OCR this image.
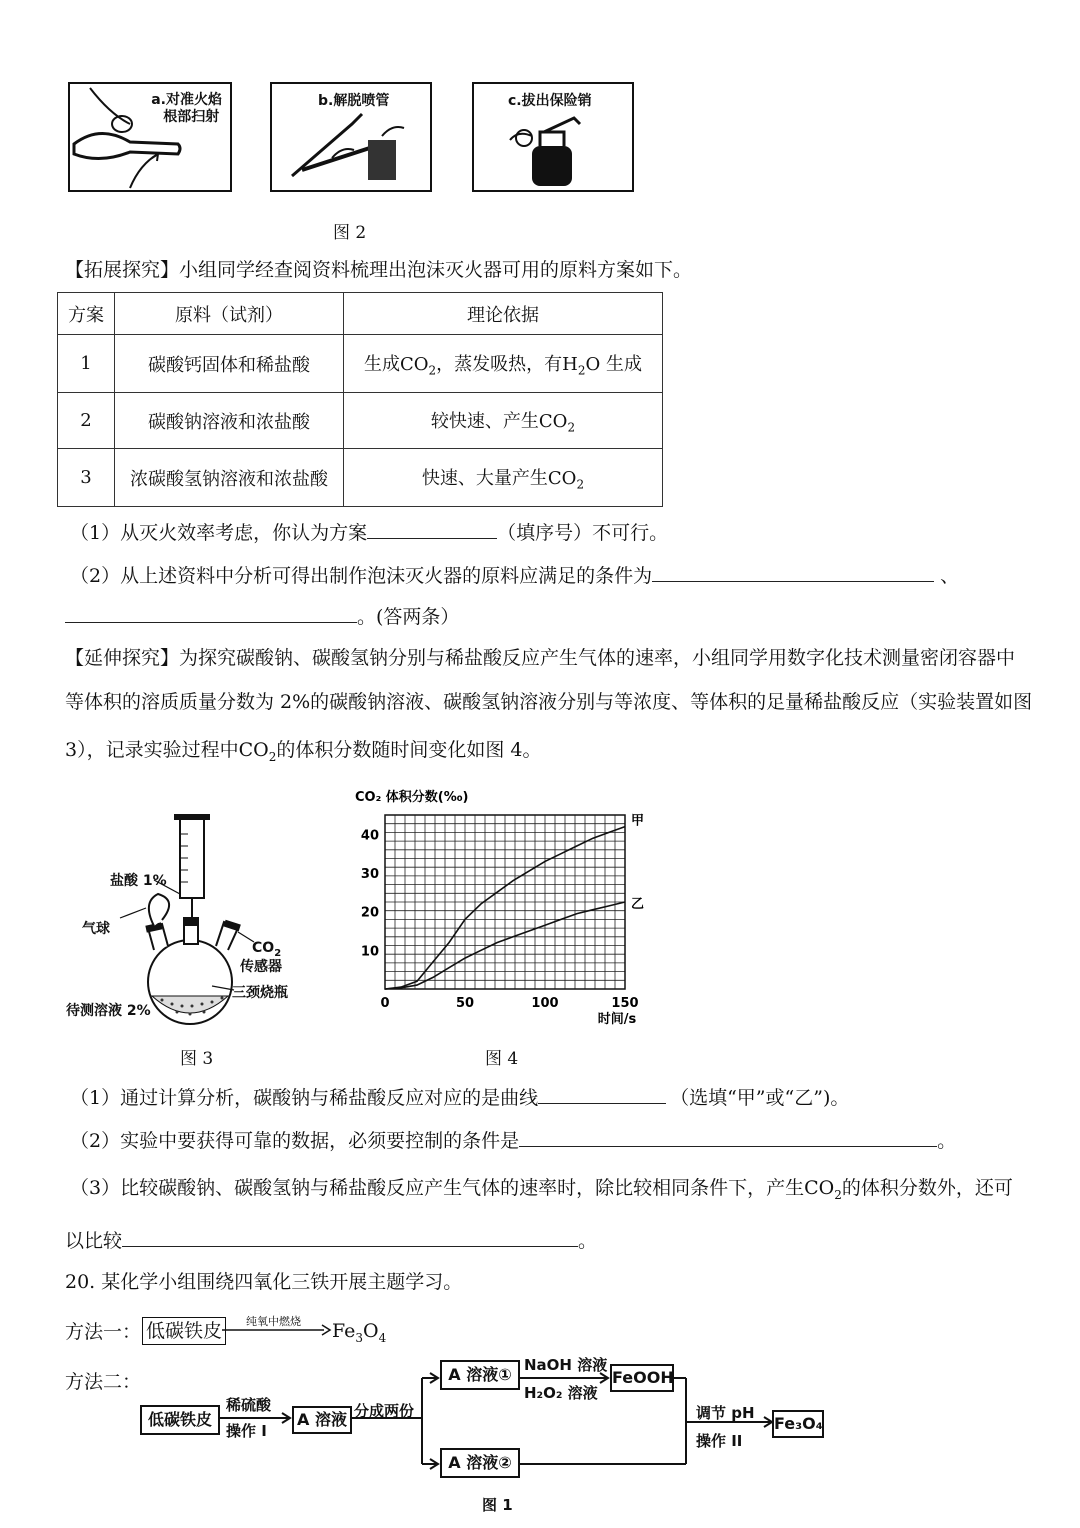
a.对准火焰
根部扫射
b.解脱喷管	c.拔出保险销
图 2
【拓展探究】小组同学经查阅资料梳理出泡沫灭火器可用的原料方案如下。
方案	原料（试剂）	理论依据
1	碳酸钙固体和稀盐酸	生成$CO_2$，蒸发吸热，有$H_2O$ 生成
2	碳酸钠溶液和浓盐酸	较快速、产生$CO_2$
3	浓碳酸氢钠溶液和浓盐酸	快速、大量产生$CO_2$
（1）从灭火效率考虑，你认为方案	（填序号）不可行。
（2）从上述资料中分析可得出制作泡沫灭火器的原料应满足的条件为	、
。(答两条）
【延伸探究】为探究碳酸钠、碳酸氢钠分别与稀盐酸反应产生气体的速率，小组同学用数字化技术测量密闭容器中
等体积的溶质质量分数为 2%的碳酸钠溶液、碳酸氢钠溶液分别与等浓度、等体积的足量稀盐酸反应（实验装置如图
3），记录实验过程中$CO_2$的体积分数随时间变化如图 4。
盐酸 1%
气球
$CO_2$
传感器
三颈烧瓶
待测溶液 2%
图 3
10
20
30
40
0	50	100	150
CO₂ 体积分数(‰)
时间/s
甲
乙
图 4
（1）通过计算分析，碳酸钠与稀盐酸反应对应的是曲线	（选填“甲”或“乙”)。
（2）实验中要获得可靠的数据，必须要控制的条件是	。
（3）比较碳酸钠、碳酸氢钠与稀盐酸反应产生气体的速率时，除比较相同条件下，产生$CO_2$的体积分数外，还可
以比较	。
20. 某化学小组围绕四氧化三铁开展主题学习。
方法一： 低碳铁皮	纯氧中燃烧 $Fe_3O_4$
方法二：
低碳铁皮
稀硫酸
操作 I
A 溶液 分成两份
A 溶液①
A 溶液②
NaOH 溶液
H₂O₂ 溶液
FeOOH
调节 pH
操作 II
Fe₃O₄
图 1
